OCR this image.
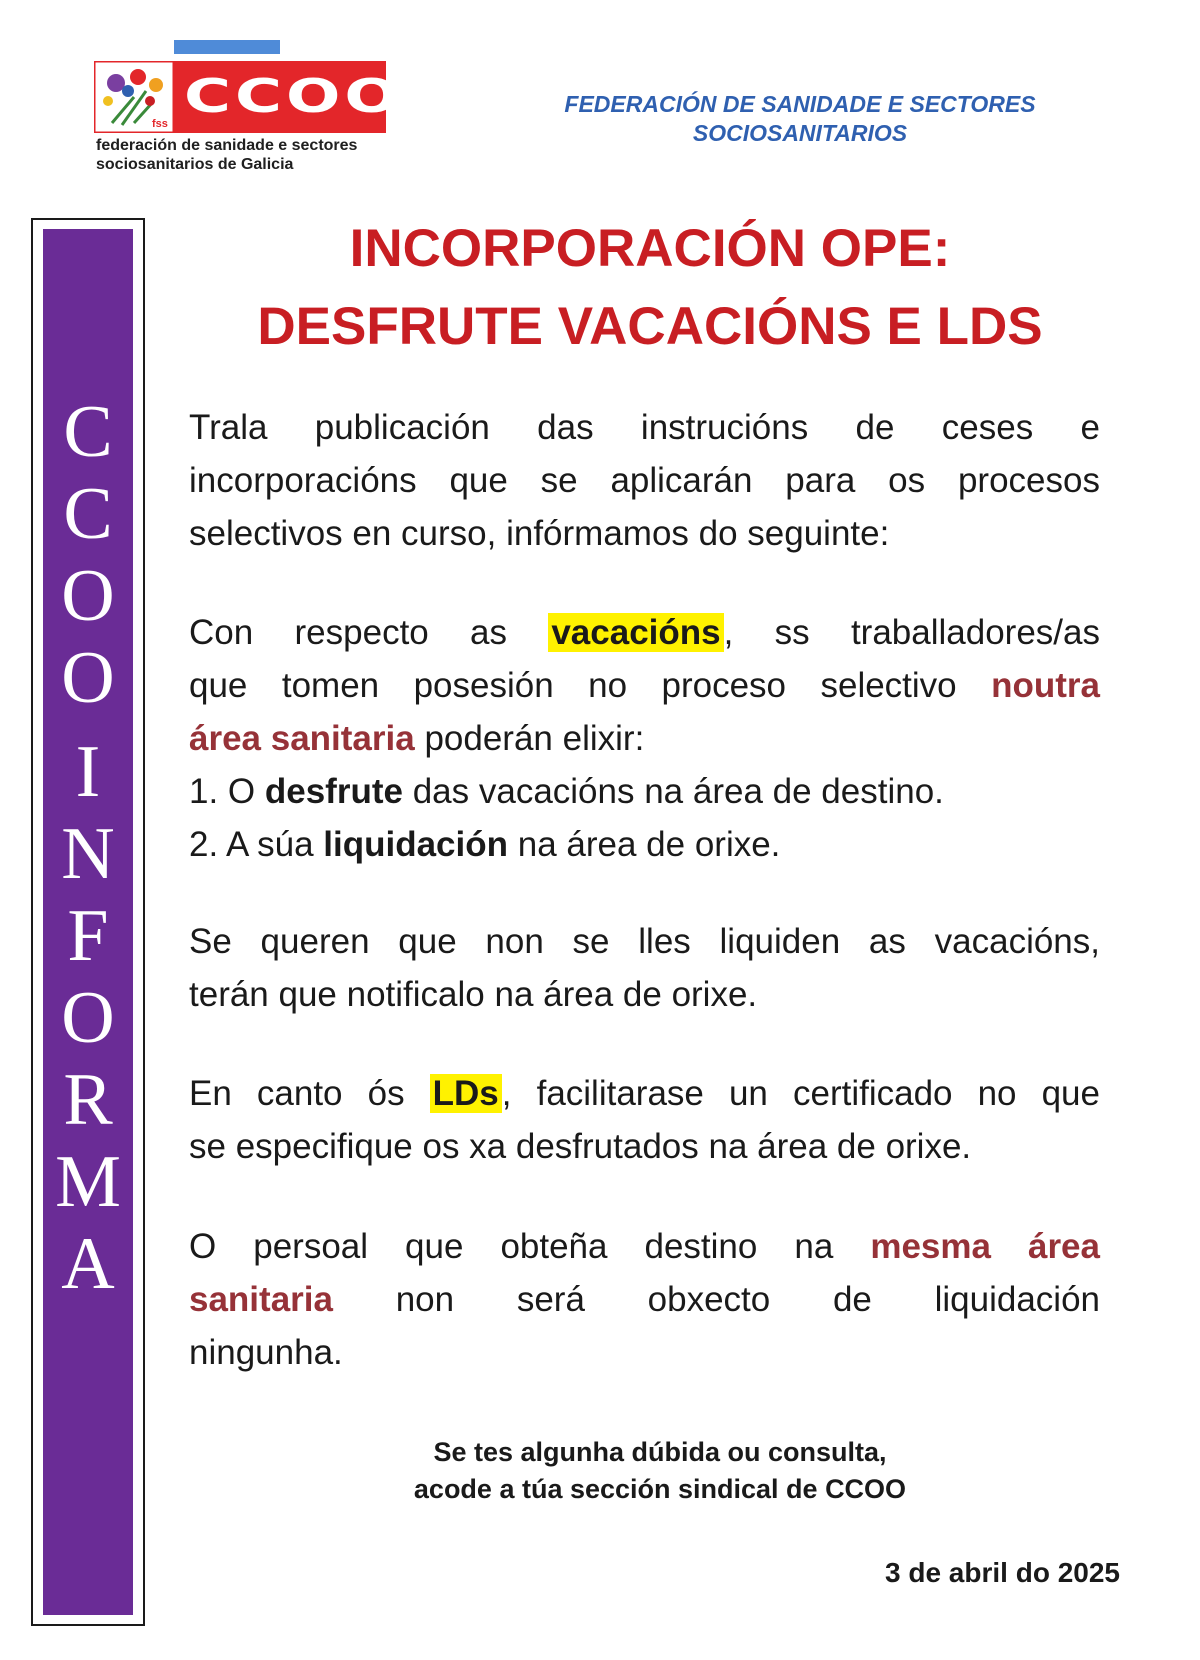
fss
CCOO
federación de sanidade e sectores
sociosanitarios de Galicia
FEDERACIÓN DE SANIDADE E SECTORES
SOCIOSANITARIOS
C
C
O
O
I
N
F
O
R
M
A
INCORPORACIÓN OPE:
DESFRUTE VACACIÓNS E LDS
Trala publicación das instrucións de ceses e
incorporacións que se aplicarán para os procesos
selectivos en curso, infórmamos do seguinte:
Con respecto as vacacións, ss traballadores/as
que tomen posesión no proceso selectivo noutra
área sanitaria poderán elixir:
1. O desfrute das vacacións na área de destino.
2. A súa liquidación na área de orixe.
Se queren que non se lles liquiden as vacacións,
terán que notificalo na área de orixe.
En canto ós LDs, facilitarase un certificado no que
se especifique os xa desfrutados na área de orixe.
O persoal que obteña destino na mesma área
sanitaria non será obxecto de liquidación
ningunha.
Se tes algunha dúbida ou consulta,
acode a túa sección sindical de CCOO
3 de abril do 2025
